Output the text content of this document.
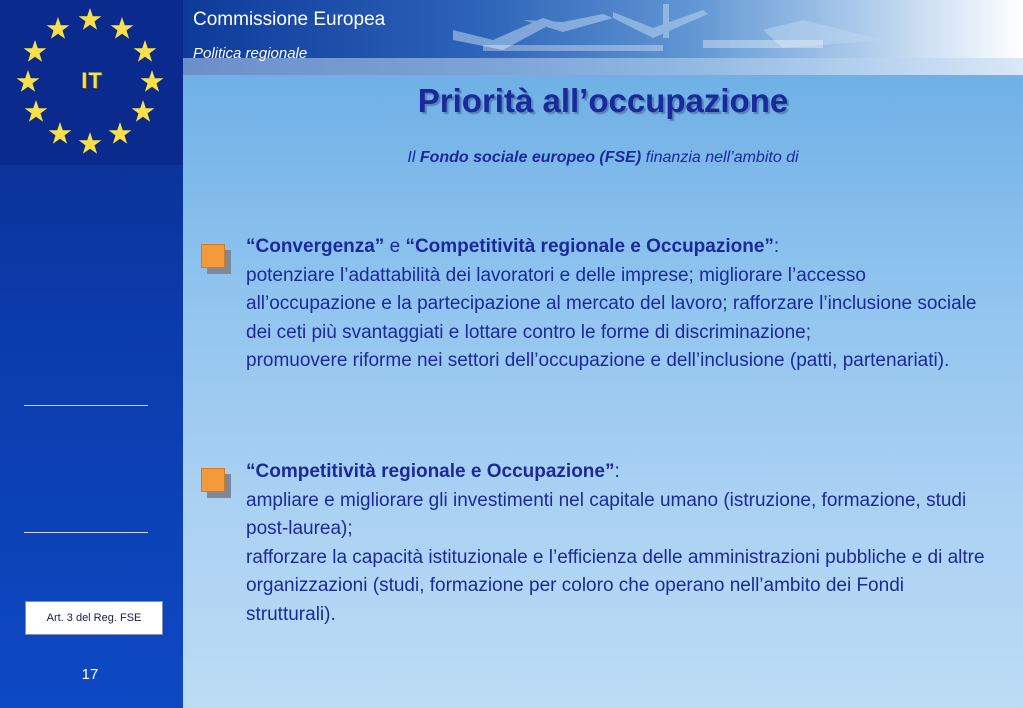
IT
Art. 3 del Reg. FSE
17
Commissione Europea
Politica regionale
Priorità all’occupazione
Il Fondo sociale europeo (FSE) finanzia nell’ambito di

“Convergenza” e “Competitività regionale e Occupazione”:

potenziare l’adattabilità dei lavoratori e delle imprese; migliorare l’accesso all’occupazione e la partecipazione al mercato del lavoro; rafforzare l’inclusione sociale dei ceti più svantaggiati e lottare contro le forme di discriminazione;

promuovere riforme nei settori dell’occupazione e dell’inclusione (patti, partenariati).

“Competitività regionale e Occupazione”:

ampliare e migliorare gli investimenti nel capitale umano (istruzione, formazione, studi post-laurea);

rafforzare la capacità istituzionale e l’efficienza delle amministrazioni pubbliche e di altre organizzazioni (studi, formazione per coloro che operano nell’ambito dei Fondi strutturali).
